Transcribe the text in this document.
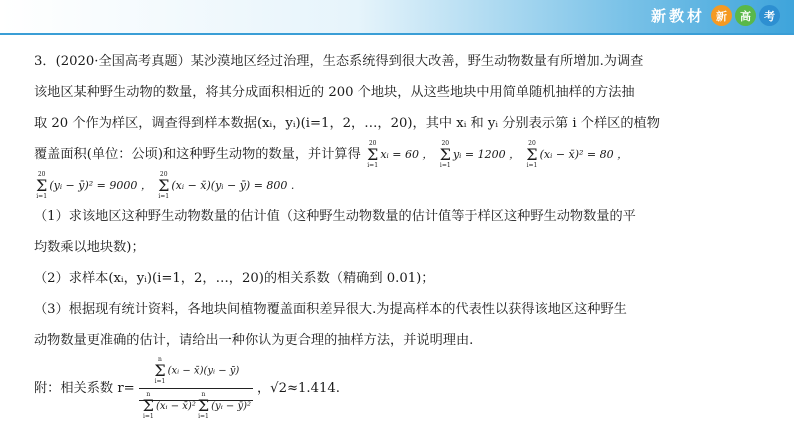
新教材	新	高	考
3．(2020·全国高考真题）某沙漠地区经过治理，生态系统得到很大改善，野生动物数量有所增加.为调查
该地区某种野生动物的数量，将其分成面积相近的 200 个地块，从这些地块中用简单随机抽样的方法抽
取 20 个作为样区，调查得到样本数据(xᵢ，yᵢ)(i=1，2，…，20)，其中 xᵢ 和 yᵢ 分别表示第 i 个样区的植物
覆盖面积(单位：公顷)和这种野生动物的数量，并计算得
20
Σ
i=1
xᵢ = 60 ，
20
Σ
i=1
yᵢ = 1200 ，
20
Σ
i=1
(xᵢ − x̄)² = 80 ，
20
Σ
i=1
(yᵢ − ȳ)² = 9000 ，
20
Σ
i=1
(xᵢ − x̄)(yᵢ − ȳ) = 800 .
（1）求该地区这种野生动物数量的估计值（这种野生动物数量的估计值等于样区这种野生动物数量的平
均数乘以地块数)；
（2）求样本(xᵢ，yᵢ)(i=1，2，…，20)的相关系数（精确到 0.01)；
（3）根据现有统计资料，各地块间植物覆盖面积差异很大.为提高样本的代表性以获得该地区这种野生
动物数量更准确的估计，请给出一种你认为更合理的抽样方法，并说明理由.
附：相关系数 r= n
Σ
i=1
(xᵢ − x̄)(yᵢ − ȳ)
n
Σ
i=1
(xᵢ − x̄)²
n
Σ
i=1
(yᵢ − ȳ)² ，√2≈1.414.
